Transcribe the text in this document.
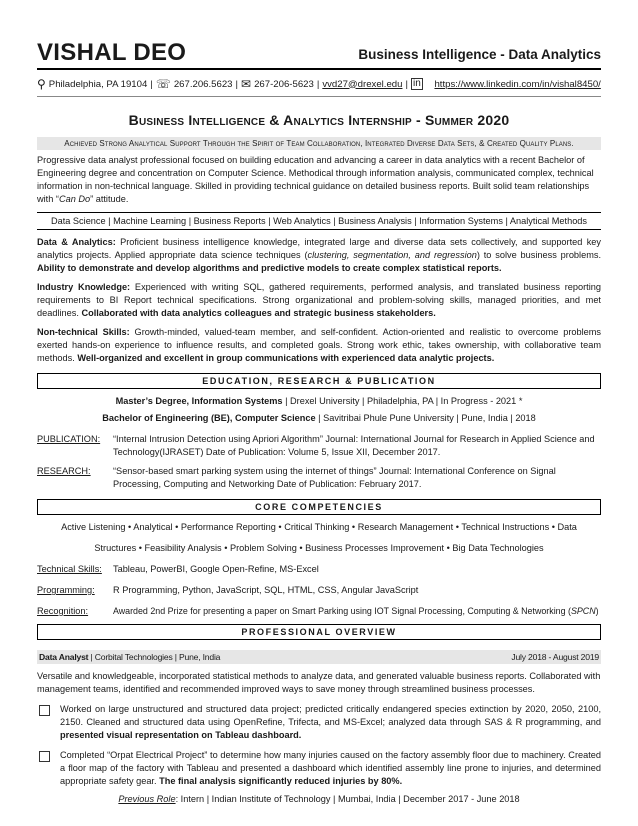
VISHAL DEO	Business Intelligence - Data Analytics
⚲ Philadelphia, PA 19104 | ☏ 267.206.5623 | ✉ 267-206-5623 | vvd27@drexel.edu | in
https://www.linkedin.com/in/vishal8450/
Business Intelligence & Analytics Internship - Summer 2020
Achieved Strong Analytical Support Through the Spirit of Team Collaboration, Integrated Diverse Data Sets, & Created Quality Plans.

Progressive data analyst professional focused on building education and advancing a career in data analytics with a recent Bachelor of Engineering degree and concentration on Computer Science. Methodical through information analysis, communicated complex, technical information in non-technical language. Skilled in providing technical guidance on detailed business reports. Built solid team relationships with “Can Do” attitude.

Data Science | Machine Learning | Business Reports | Web Analytics | Business Analysis | Information Systems | Analytical Methods
Data & Analytics: Proficient business intelligence knowledge, integrated large and diverse data sets collectively, and supported key analytics projects. Applied appropriate data science techniques (clustering, segmentation, and regression) to solve business problems. Ability to demonstrate and develop algorithms and predictive models to create complex statistical reports.
Industry Knowledge: Experienced with writing SQL, gathered requirements, performed analysis, and translated business reporting requirements to BI Report technical specifications. Strong organizational and problem-solving skills, managed priorities, and met deadlines. Collaborated with data analytics colleagues and strategic business stakeholders.
Non-technical Skills: Growth-minded, valued-team member, and self-confident. Action-oriented and realistic to overcome problems exerted hands-on experience to influence results, and completed goals. Strong work ethic, takes ownership, with collaborative team methods. Well-organized and excellent in group communications with experienced data analytic projects.
EDUCATION, RESEARCH & PUBLICATION
Master’s Degree, Information Systems | Drexel University | Philadelphia, PA | In Progress - 2021 *
Bachelor of Engineering (BE), Computer Science | Savitribai Phule Pune University | Pune, India | 2018
PUBLICATION:	“Internal Intrusion Detection using Apriori Algorithm” Journal: International Journal for Research in Applied Science and Technology(IJRASET) Date of Publication: Volume 5, Issue XII, December 2017.
RESEARCH:	“Sensor-based smart parking system using the internet of things” Journal: International Conference on Signal Processing, Computing and Networking Date of Publication: February 2017.
CORE COMPETENCIES
Active Listening • Analytical • Performance Reporting • Critical Thinking • Research Management • Technical Instructions • Data
Structures • Feasibility Analysis • Problem Solving • Business Processes Improvement • Big Data Technologies
Technical Skills:	Tableau, PowerBI, Google Open-Refine, MS-Excel
Programming:	R Programming, Python, JavaScript, SQL, HTML, CSS, Angular JavaScript
Recognition:	Awarded 2nd Prize for presenting a paper on Smart Parking using IOT Signal Processing, Computing & Networking (SPCN)
PROFESSIONAL OVERVIEW
Data Analyst | Corbital Technologies | Pune, India	July 2018 - August 2019

Versatile and knowledgeable, incorporated statistical methods to analyze data, and generated valuable business reports. Collaborated with management teams, identified and recommended improved ways to save money through streamlined business processes.

Worked on large unstructured and structured data project; predicted critically endangered species extinction by 2020, 2050, 2100, 2150. Cleaned and structured data using OpenRefine, Trifecta, and MS-Excel; analyzed data through SAS & R programming, and presented visual representation on Tableau dashboard.
Completed “Orpat Electrical Project” to determine how many injuries caused on the factory assembly floor due to machinery. Created a floor map of the factory with Tableau and presented a dashboard which identified assembly line prone to injuries, and determined appropriate safety gear. The final analysis significantly reduced injuries by 80%.
Previous Role: Intern | Indian Institute of Technology | Mumbai, India | December 2017 - June 2018
